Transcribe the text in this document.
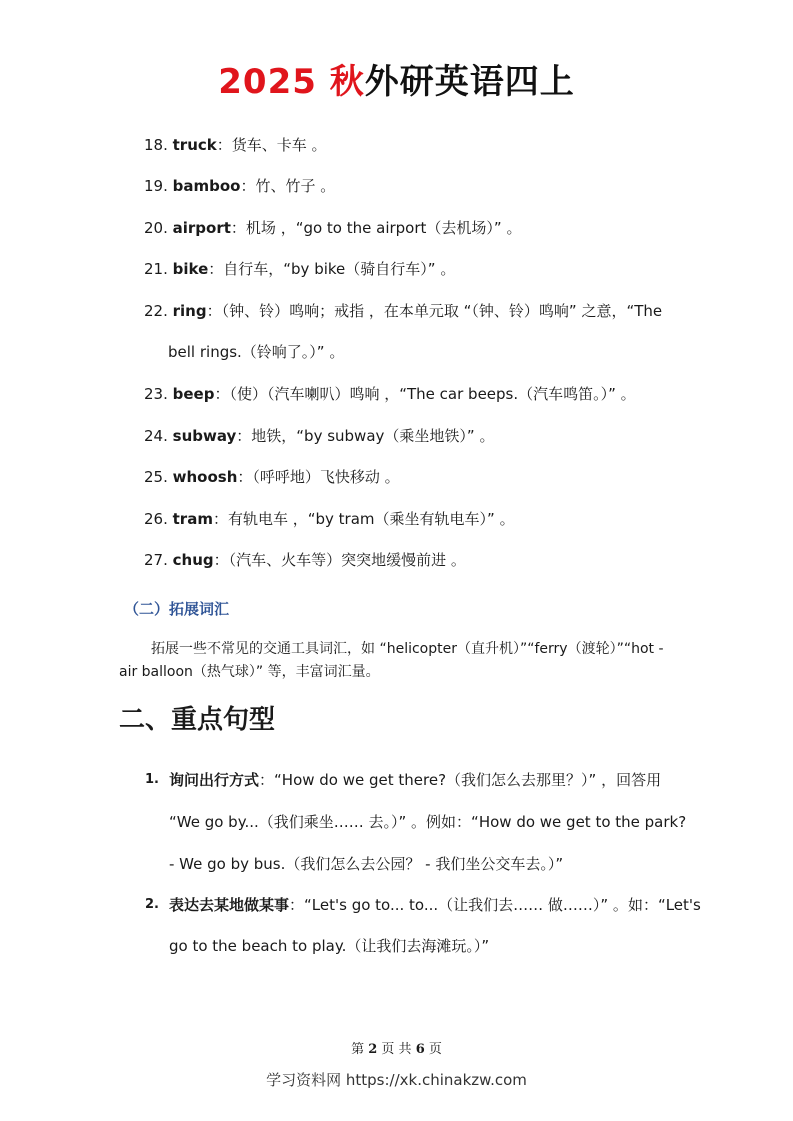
2025 秋外研英语四上
18. truck：货车、卡车 。
19. bamboo：竹、竹子 。
20. airport：机场 ，“go to the airport（去机场）” 。
21. bike：自行车，“by bike（骑自行车）” 。
22. ring：（钟、铃）鸣响；戒指 ，在本单元取 “（钟、铃）鸣响” 之意，“The
bell rings.（铃响了。）” 。
23. beep：（使）（汽车喇叭）鸣响 ，“The car beeps.（汽车鸣笛。）” 。
24. subway：地铁，“by subway（乘坐地铁）” 。
25. whoosh：（呼呼地）飞快移动 。
26. tram：有轨电车 ，“by tram（乘坐有轨电车）” 。
27. chug：（汽车、火车等）突突地缓慢前进 。
（二）拓展词汇
拓展一些不常见的交通工具词汇，如 “helicopter（直升机）”“ferry（渡轮）”“hot - air balloon（热气球）” 等，丰富词汇量。
二、重点句型
1. 询问出行方式：“How do we get there?（我们怎么去那里？）” ，回答用
“We go by...（我们乘坐…… 去。）” 。例如：“How do we get to the park?
- We go by bus.（我们怎么去公园？ - 我们坐公交车去。）”
2. 表达去某地做某事：“Let's go to... to...（让我们去…… 做……）” 。如：“Let's
go to the beach to play.（让我们去海滩玩。）”
第 2 页 共 6 页
学习资料网 https://xk.chinakzw.com
